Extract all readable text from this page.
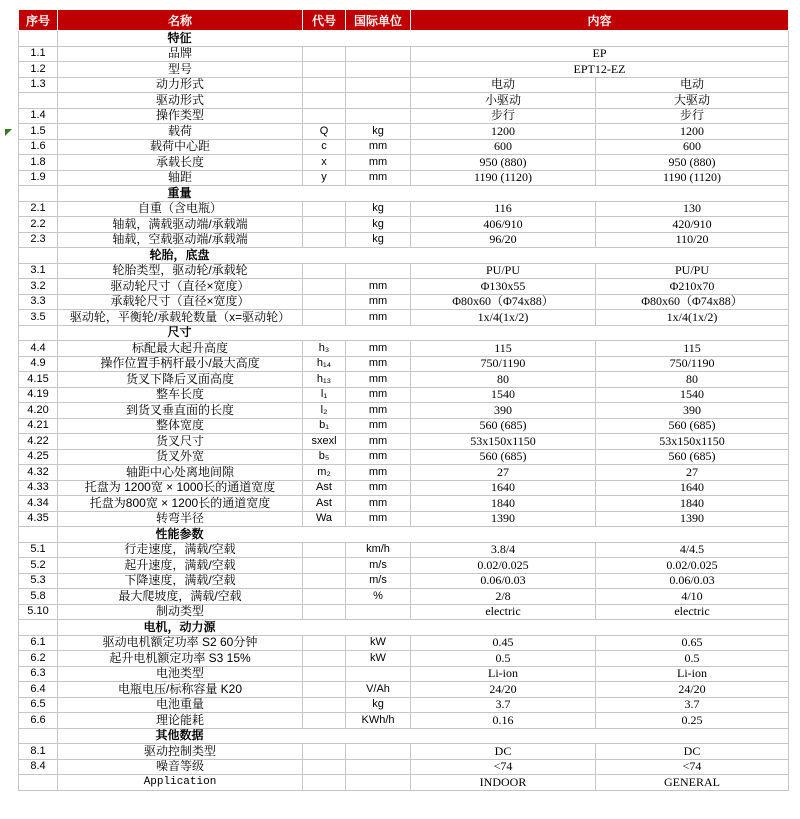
序号	名称	代号	国际单位	内容	
	特征				
1.1	品牌			EP	
1.2	型号			EPT12-EZ	
1.3	动力形式			电动	电动
	驱动形式			小驱动	大驱动
1.4	操作类型			步行	步行
1.5	载荷	Q	kg	1200	1200
1.6	载荷中心距	c	mm	600	600
1.8	承载长度	x	mm	950 (880)	950 (880)
1.9	轴距	y	mm	1190 (1120)	1190 (1120)
	重量				
2.1	自重（含电瓶）		kg	116	130
2.2	轴载，满载驱动端/承载端		kg	406/910	420/910
2.3	轴载，空载驱动端/承载端		kg	96/20	110/20
	轮胎，底盘				
3.1	轮胎类型，驱动轮/承载轮			PU/PU	PU/PU
3.2	驱动轮尺寸（直径×宽度）		mm	Φ130x55	Φ210x70
3.3	承载轮尺寸（直径×宽度）		mm	Φ80x60（Φ74x88）	Φ80x60（Φ74x88）
3.5	驱动轮，平衡轮/承载轮数量（x=驱动轮）		mm	1x/4(1x/2)	1x/4(1x/2)
	尺寸				
4.4	标配最大起升高度	h₃	mm	115	115
4.9	操作位置手柄杆最小/最大高度	h₁₄	mm	750/1190	750/1190
4.15	货叉下降后叉面高度	h₁₃	mm	80	80
4.19	整车长度	l₁	mm	1540	1540
4.20	到货叉垂直面的长度	l₂	mm	390	390
4.21	整体宽度	b₁	mm	560 (685)	560 (685)
4.22	货叉尺寸	sxexl	mm	53x150x1150	53x150x1150
4.25	货叉外宽	b₅	mm	560 (685)	560 (685)
4.32	轴距中心处离地间隙	m₂	mm	27	27
4.33	托盘为 1200宽 × 1000长的通道宽度	Ast	mm	1640	1640
4.34	托盘为800宽 × 1200长的通道宽度	Ast	mm	1840	1840
4.35	转弯半径	Wa	mm	1390	1390
	性能参数				
5.1	行走速度，满载/空载		km/h	3.8/4	4/4.5
5.2	起升速度，满载/空载		m/s	0.02/0.025	0.02/0.025
5.3	下降速度，满载/空载		m/s	0.06/0.03	0.06/0.03
5.8	最大爬坡度，满载/空载		%	2/8	4/10
5.10	制动类型			electric	electric
	电机，动力源				
6.1	驱动电机额定功率 S2 60分钟		kW	0.45	0.65
6.2	起升电机额定功率 S3 15%		kW	0.5	0.5
6.3	电池类型			Li-ion	Li-ion
6.4	电瓶电压/标称容量 K20		V/Ah	24/20	24/20
6.5	电池重量		kg	3.7	3.7
6.6	理论能耗		KWh/h	0.16	0.25
	其他数据				
8.1	驱动控制类型			DC	DC
8.4	噪音等级			<74	<74
	Application			INDOOR	GENERAL
